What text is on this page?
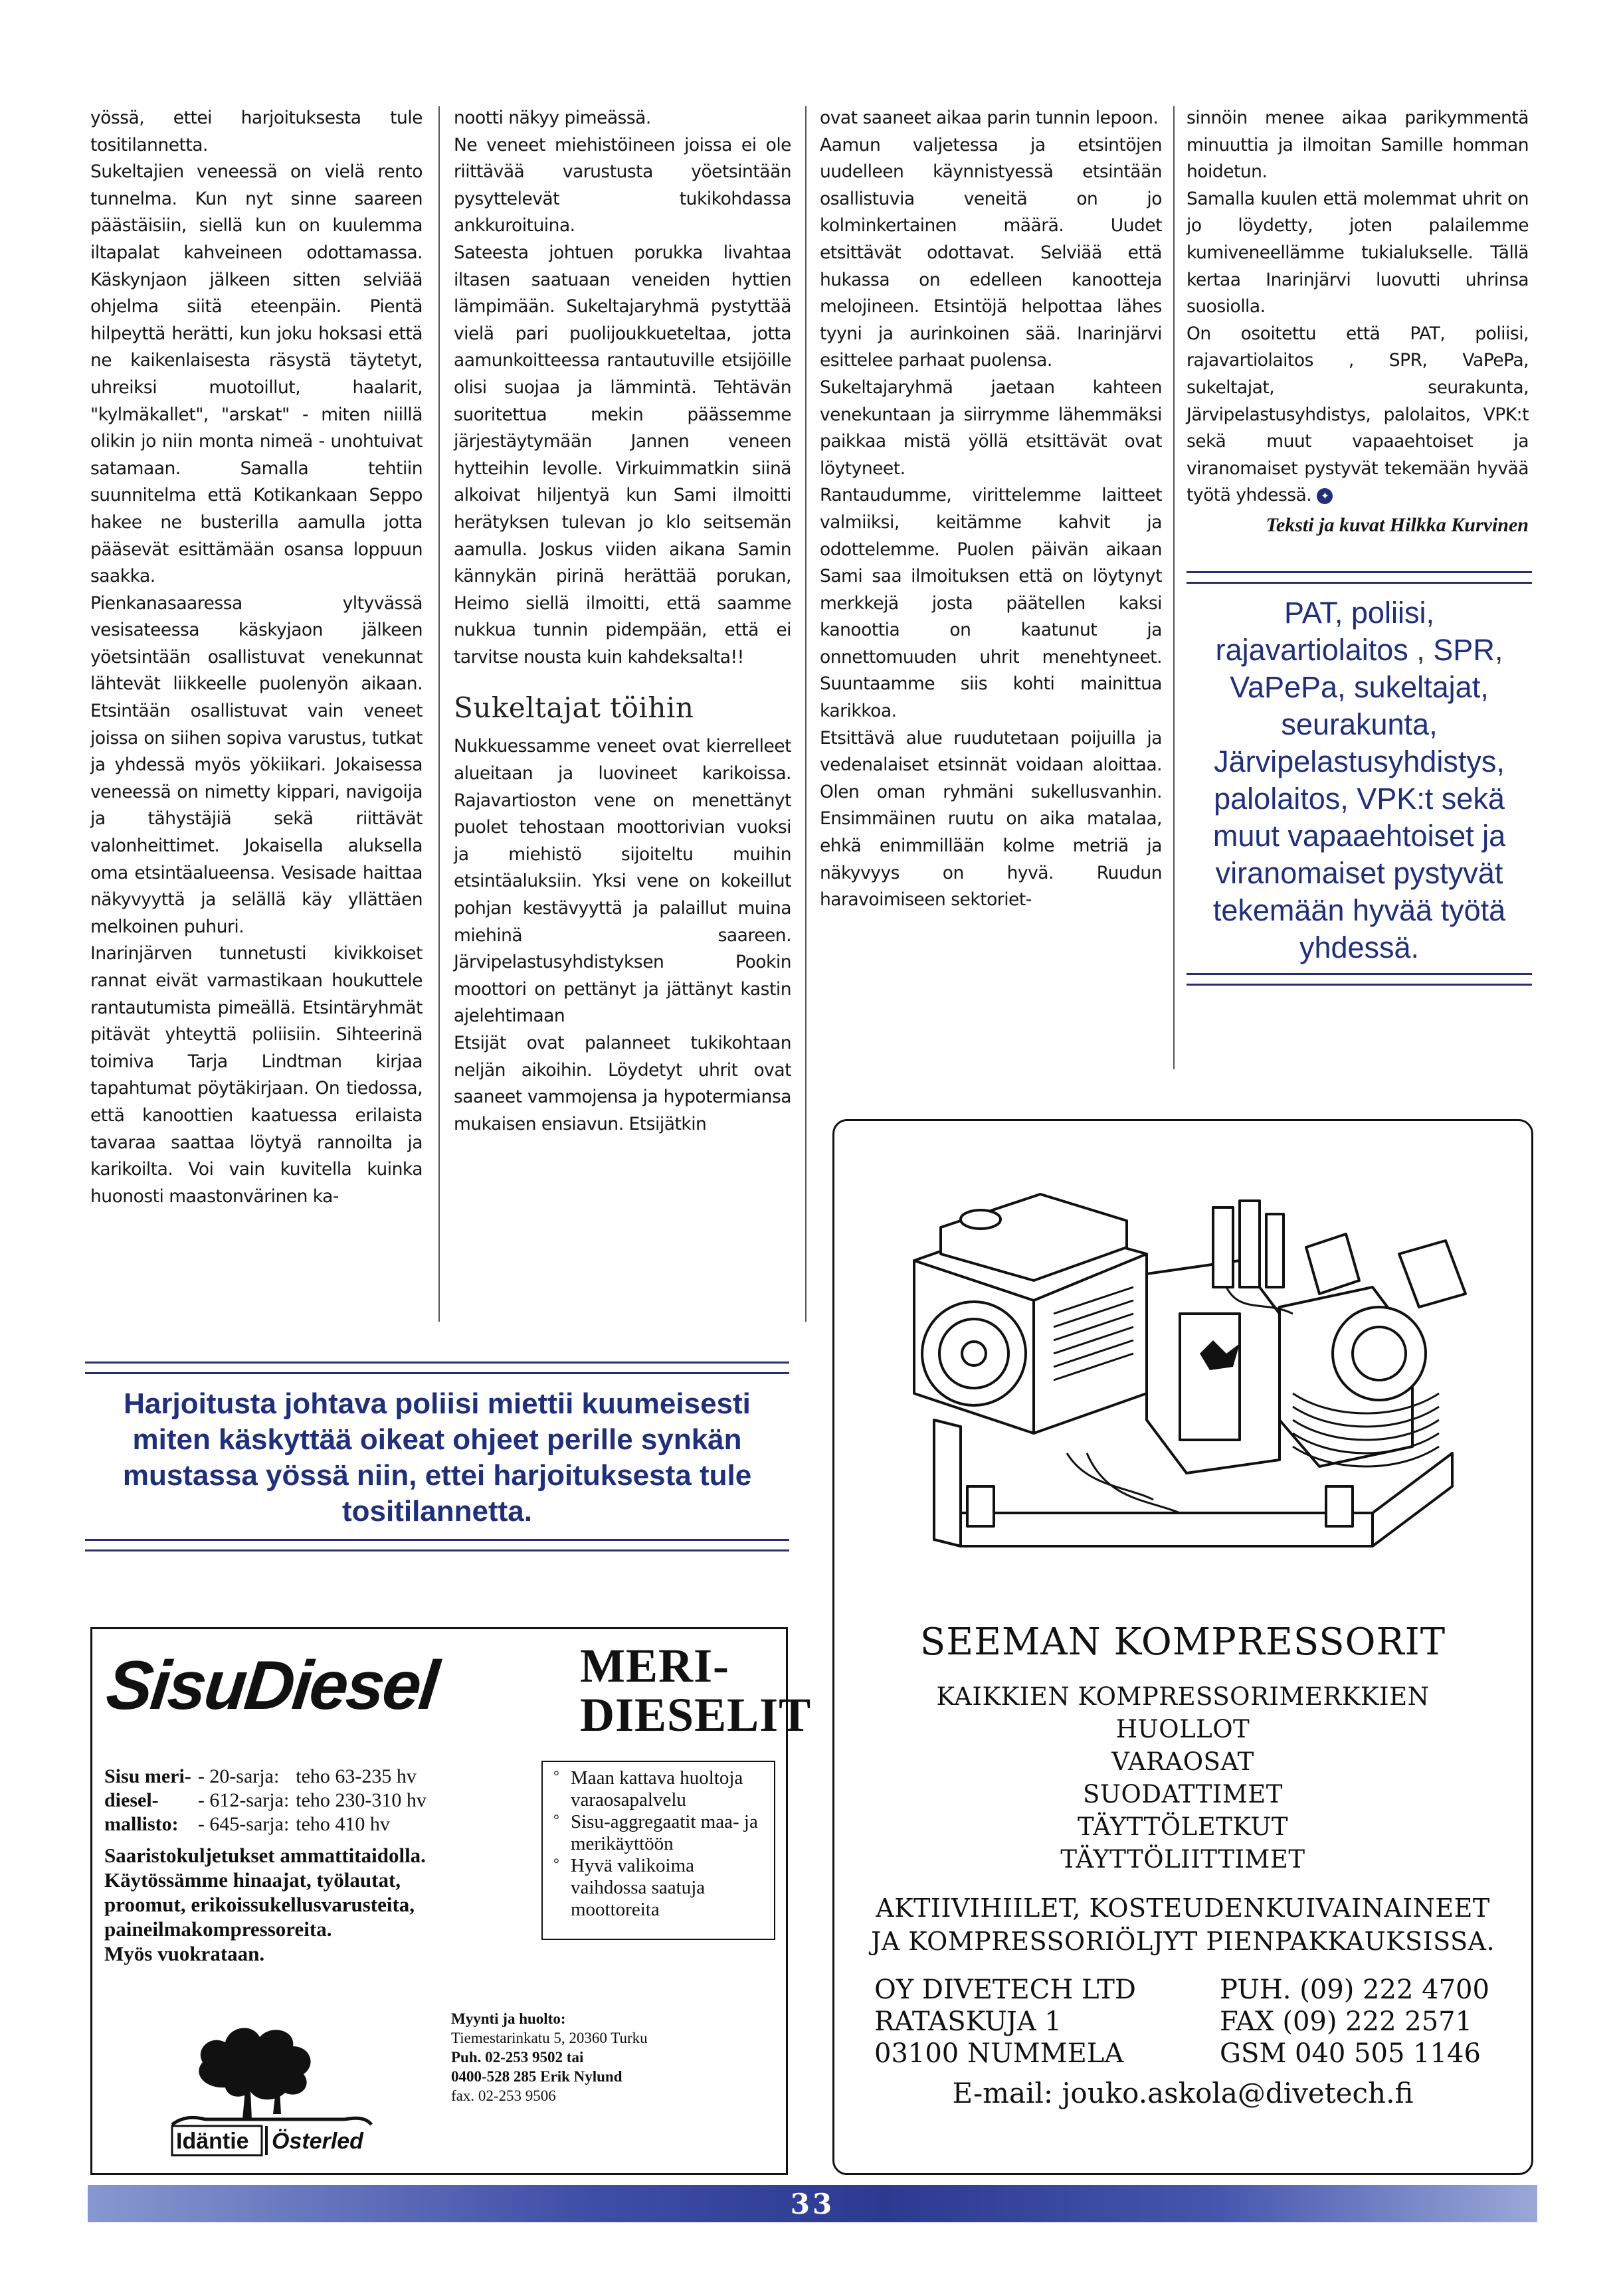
yössä, ettei harjoituksesta tule tositilannetta.

Sukeltajien veneessä on vielä rento tunnelma. Kun nyt sinne saareen päästäisiin, siellä kun on kuulemma iltapalat kahveineen odottamassa. Käskynjaon jälkeen sitten selviää ohjelma siitä eteenpäin. Pientä hilpeyttä herätti, kun joku hoksasi että ne kaikenlaisesta räsystä täytetyt, uhreiksi muotoillut, haalarit, "kylmäkallet", "arskat" - miten niillä olikin jo niin monta nimeä - unohtuivat satamaan. Samalla tehtiin suunnitelma että Kotikankaan Seppo hakee ne busterilla aamulla jotta pääsevät esittämään osansa loppuun saakka.

Pienkanasaaressa yltyvässä vesisateessa käskyjaon jälkeen yöetsintään osallistuvat venekunnat lähtevät liikkeelle puolenyön aikaan. Etsintään osallistuvat vain veneet joissa on siihen sopiva varustus, tutkat ja yhdessä myös yökiikari. Jokaisessa veneessä on nimetty kippari, navigoija ja tähystäjiä sekä riittävät valonheittimet. Jokaisella aluksella oma etsintäalueensa. Vesisade haittaa näkyvyyttä ja selällä käy yllättäen melkoinen puhuri.

Inarinjärven tunnetusti kivikkoiset rannat eivät varmastikaan houkuttele rantautumista pimeällä. Etsintäryhmät pitävät yhteyttä poliisiin. Sihteerinä toimiva Tarja Lindtman kirjaa tapahtumat pöytäkirjaan. On tiedossa, että kanoottien kaatuessa erilaista tavaraa saattaa löytyä rannoilta ja karikoilta. Voi vain kuvitella kuinka huonosti maastonvärinen ka-

nootti näkyy pimeässä.

Ne veneet miehistöineen joissa ei ole riittävää varustusta yöetsintään pysyttelevät tukikohdassa ankkuroituina.

Sateesta johtuen porukka livahtaa iltasen saatuaan veneiden hyttien lämpimään. Sukeltajaryhmä pystyttää vielä pari puolijoukkueteltaa, jotta aamunkoitteessa rantautuville etsijöille olisi suojaa ja lämmintä. Tehtävän suoritettua mekin päässemme järjestäytymään Jannen veneen hytteihin levolle. Virkuimmatkin siinä alkoivat hiljentyä kun Sami ilmoitti herätyksen tulevan jo klo seitsemän aamulla. Joskus viiden aikana Samin kännykän pirinä herättää porukan, Heimo siellä ilmoitti, että saamme nukkua tunnin pidempään, että ei tarvitse nousta kuin kahdeksalta!!

Sukeltajat töihin

Nukkuessamme veneet ovat kierrelleet alueitaan ja luovineet karikoissa. Rajavartioston vene on menettänyt puolet tehostaan moottorivian vuoksi ja miehistö sijoiteltu muihin etsintäaluksiin. Yksi vene on kokeillut pohjan kestävyyttä ja palaillut muina miehinä saareen. Järvipelastusyhdistyksen Pookin moottori on pettänyt ja jättänyt kastin ajelehtimaan

Etsijät ovat palanneet tukikohtaan neljän aikoihin. Löydetyt uhrit ovat saaneet vammojensa ja hypotermiansa mukaisen ensiavun. Etsijätkin

ovat saaneet aikaa parin tunnin lepoon.

Aamun valjetessa ja etsintöjen uudelleen käynnistyessä etsintään osallistuvia veneitä on jo kolminkertainen määrä. Uudet etsittävät odottavat. Selviää että hukassa on edelleen kanootteja melojineen. Etsintöjä helpottaa lähes tyyni ja aurinkoinen sää. Inarinjärvi esittelee parhaat puolensa.

Sukeltajaryhmä jaetaan kahteen venekuntaan ja siirrymme lähemmäksi paikkaa mistä yöllä etsittävät ovat löytyneet.

Rantaudumme, virittelemme laitteet valmiiksi, keitämme kahvit ja odottelemme. Puolen päivän aikaan Sami saa ilmoituksen että on löytynyt merkkejä josta päätellen kaksi kanoottia on kaatunut ja onnettomuuden uhrit menehtyneet. Suuntaamme siis kohti mainittua karikkoa.

Etsittävä alue ruudutetaan poijuilla ja vedenalaiset etsinnät voidaan aloittaa. Olen oman ryhmäni sukellusvanhin. Ensimmäinen ruutu on aika matalaa, ehkä enimmillään kolme metriä ja näkyvyys on hyvä. Ruudun haravoimiseen sektoriet-

sinnöin menee aikaa parikymmentä minuuttia ja ilmoitan Samille homman hoidetun.

Samalla kuulen että molemmat uhrit on jo löydetty, joten palailemme kumiveneellämme tukialukselle. Tällä kertaa Inarinjärvi luovutti uhrinsa suosiolla.

On osoitettu että PAT, poliisi, rajavartiolaitos , SPR, VaPePa, sukeltajat, seurakunta, Järvipelastusyhdistys, palolaitos, VPK:t sekä muut vapaaehtoiset ja viranomaiset pystyvät tekemään hyvää työtä yhdessä. ✦

Teksti ja kuvat Hilkka Kurvinen
PAT, poliisi, rajavartiolaitos , SPR, VaPePa, sukeltajat, seurakunta, Järvipelastusyhdistys, palolaitos, VPK:t sekä muut vapaaehtoiset ja viranomaiset pystyvät tekemään hyvää työtä yhdessä.
Harjoitusta johtava poliisi miettii kuumeisesti miten käskyttää oikeat ohjeet perille synkän mustassa yössä niin, ettei harjoituksesta tule tositilannetta.
SisuDiesel	MERI-
DIESELIT
Sisu meri-	- 20-sarja:	teho 63-235 hv
diesel-	- 612-sarja:	teho 230-310 hv
mallisto:	- 645-sarja:	teho 410 hv
Saaristokuljetukset ammattitaidolla.
Käytössämme hinaajat, työlautat,
proomut, erikoissukellusvarusteita,
paineilmakompressoreita.
Myös vuokrataan.
° Maan kattava huoltoja varaosapalvelu
° Sisu-aggregaatit maa- ja merikäyttöön
° Hyvä valikoima vaihdossa saatuja moottoreita
Idäntie Österled
Myynti ja huolto:
Tiemestarinkatu 5, 20360 Turku
Puh. 02-253 9502 tai
0400-528 285 Erik Nylund
fax. 02-253 9506
SEEMAN KOMPRESSORIT
KAIKKIEN KOMPRESSORIMERKKIEN
HUOLLOT
VARAOSAT
SUODATTIMET
TÄYTTÖLETKUT
TÄYTTÖLIITTIMET
AKTIIVIHIILET, KOSTEUDENKUIVAINAINEET
JA KOMPRESSORIÖLJYT PIENPAKKAUKSISSA.
OY DIVETECH LTD	PUH. (09) 222 4700
RATASKUJA 1	FAX (09) 222 2571
03100 NUMMELA	GSM 040 505 1146
E-mail: jouko.askola@divetech.fi
33
